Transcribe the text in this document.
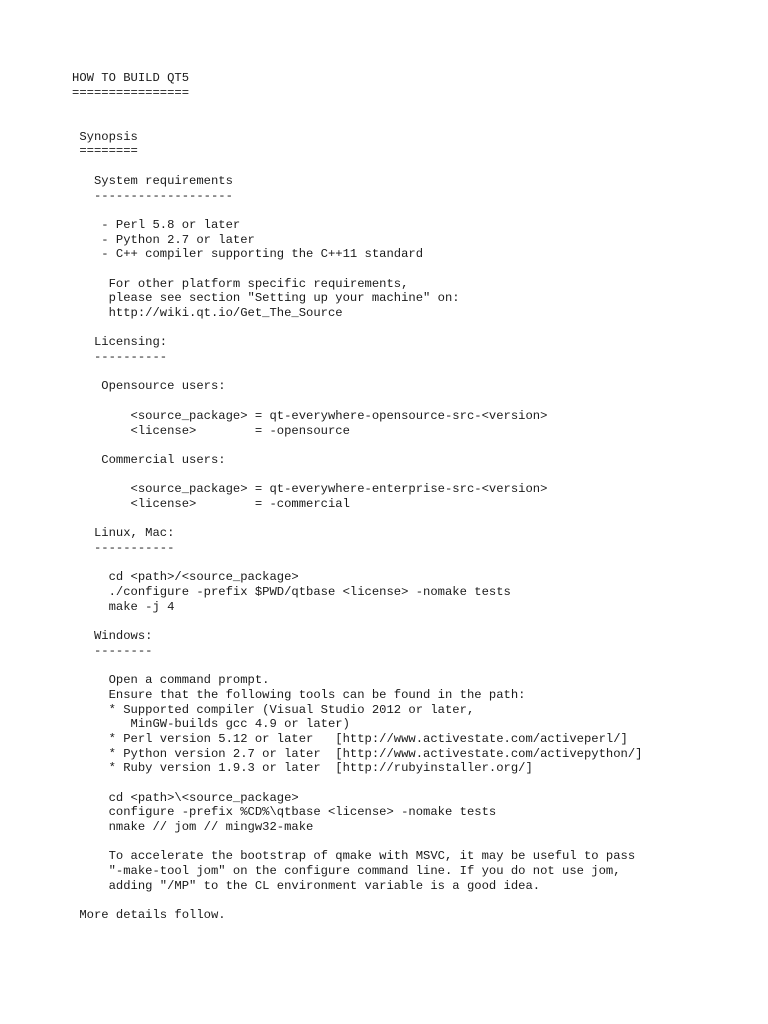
HOW TO BUILD QT5
================
Synopsis
========
System requirements
-------------------
- Perl 5.8 or later
- Python 2.7 or later
- C++ compiler supporting the C++11 standard
For other platform specific requirements,
please see section "Setting up your machine" on:
http://wiki.qt.io/Get_The_Source
Licensing:
----------
Opensource users:
<source_package> = qt-everywhere-opensource-src-<version>
<license>        = -opensource
Commercial users:
<source_package> = qt-everywhere-enterprise-src-<version>
<license>        = -commercial
Linux, Mac:
-----------
cd <path>/<source_package>
./configure -prefix $PWD/qtbase <license> -nomake tests
make -j 4
Windows:
--------
Open a command prompt.
Ensure that the following tools can be found in the path:
* Supported compiler (Visual Studio 2012 or later,
MinGW-builds gcc 4.9 or later)
* Perl version 5.12 or later   [http://www.activestate.com/activeperl/]
* Python version 2.7 or later  [http://www.activestate.com/activepython/]
* Ruby version 1.9.3 or later  [http://rubyinstaller.org/]
cd <path>\<source_package>
configure -prefix %CD%\qtbase <license> -nomake tests
nmake // jom // mingw32-make
To accelerate the bootstrap of qmake with MSVC, it may be useful to pass
"-make-tool jom" on the configure command line. If you do not use jom,
adding "/MP" to the CL environment variable is a good idea.
More details follow.
